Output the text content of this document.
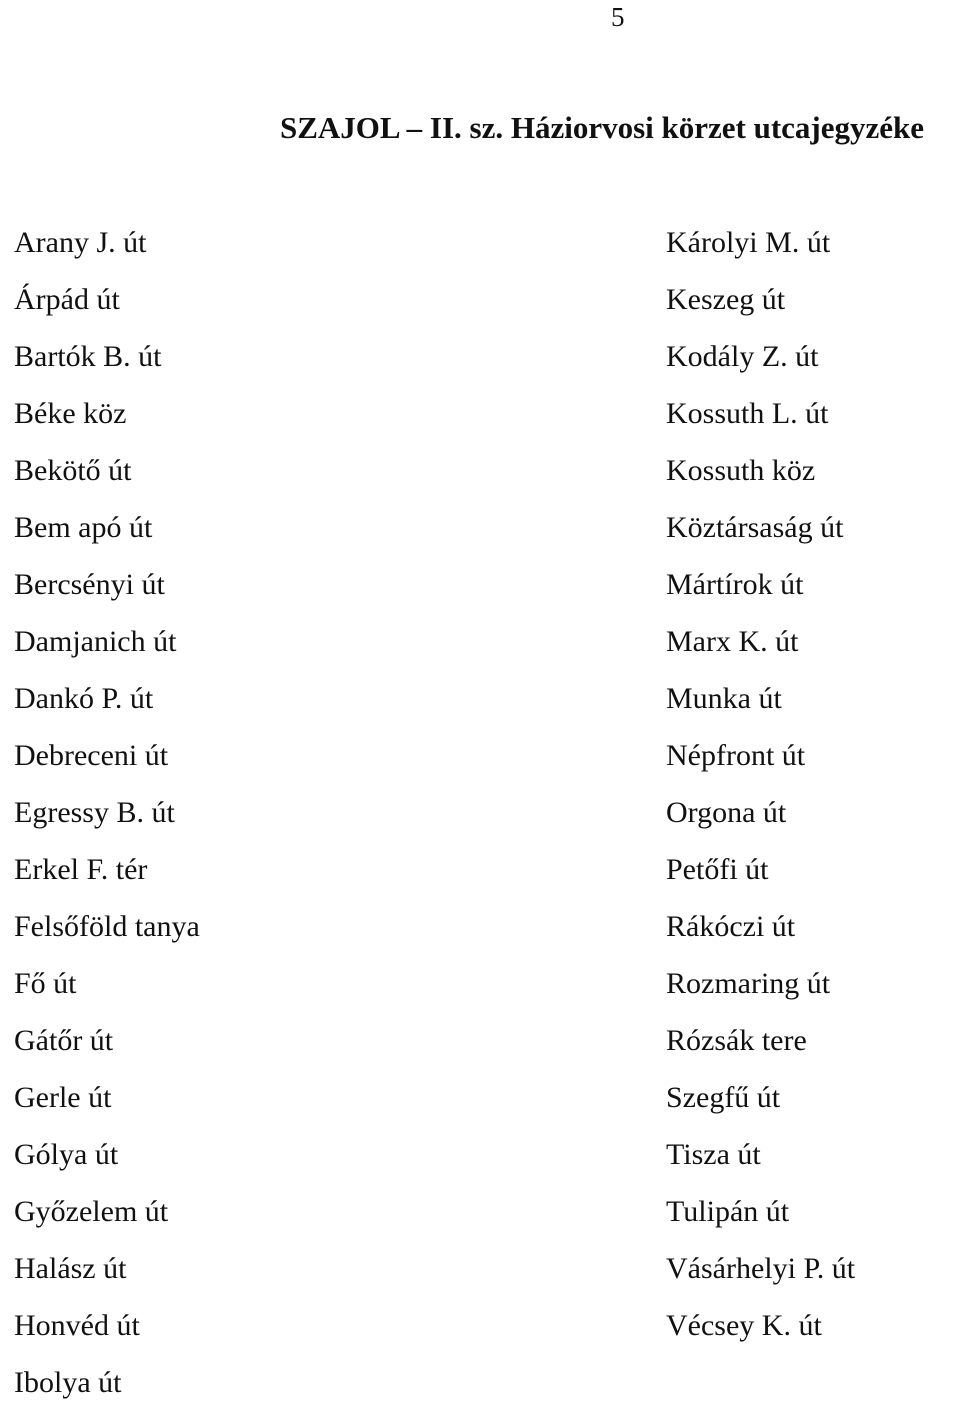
5
SZAJOL – II. sz. Háziorvosi körzet utcajegyzéke
Arany J. út
Árpád út
Bartók B. út
Béke köz
Bekötő út
Bem apó út
Bercsényi út
Damjanich út
Dankó P. út
Debreceni út
Egressy B. út
Erkel F. tér
Felsőföld tanya
Fő út
Gátőr út
Gerle út
Gólya út
Győzelem út
Halász út
Honvéd út
Ibolya út
Károlyi M. út
Keszeg út
Kodály Z. út
Kossuth L. út
Kossuth köz
Köztársaság út
Mártírok út
Marx K. út
Munka út
Népfront út
Orgona út
Petőfi út
Rákóczi út
Rozmaring út
Rózsák tere
Szegfű út
Tisza út
Tulipán út
Vásárhelyi P. út
Vécsey K. út
